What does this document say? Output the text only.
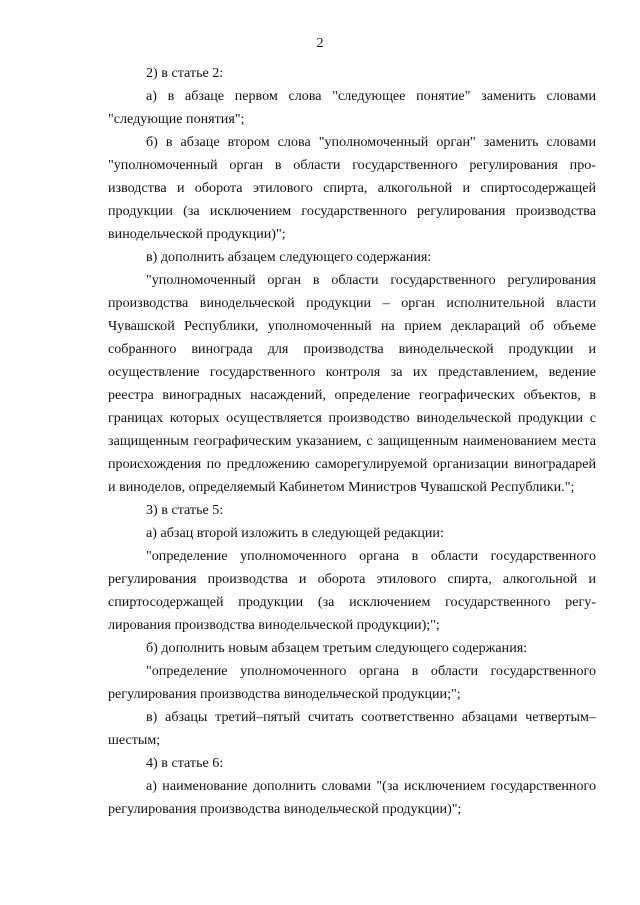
2

2) в статье 2:

а) в абзаце первом слова "следующее понятие" заменить словами "следующие понятия";

б) в абзаце втором слова "уполномоченный орган" заменить словами "уполномоченный орган в области государственного регулирования производства и оборота этилового спирта, алкогольной и спиртосодержащей продукции (за исключением государственного регулирования производства винодельческой продукции)";

в) дополнить абзацем следующего содержания:

"уполномоченный орган в области государственного регулирования производства винодельческой продукции – орган исполнительной власти Чувашской Республики, уполномоченный на прием деклараций об объеме собранного винограда для производства винодельческой продукции и осуществление государственного контроля за их представлением, ведение реестра виноградных насаждений, определение географических объектов, в границах которых осуществляется производство винодельческой продукции с защищенным географическим указанием, с защищенным наименованием места происхождения по предложению саморегулируемой организации виноградарей и виноделов, определяемый Кабинетом Министров Чувашской Республики.";

3) в статье 5:

а) абзац второй изложить в следующей редакции:

"определение уполномоченного органа в области государственного регулирования производства и оборота этилового спирта, алкогольной и спиртосодержащей продукции (за исключением государственного регулирования производства винодельческой продукции);";

б) дополнить новым абзацем третьим следующего содержания:

"определение уполномоченного органа в области государственного регулирования производства винодельческой продукции;";

в) абзацы третий–пятый считать соответственно абзацами четвертым–шестым;

4) в статье 6:

а) наименование дополнить словами "(за исключением государственного регулирования производства винодельческой продукции)";
